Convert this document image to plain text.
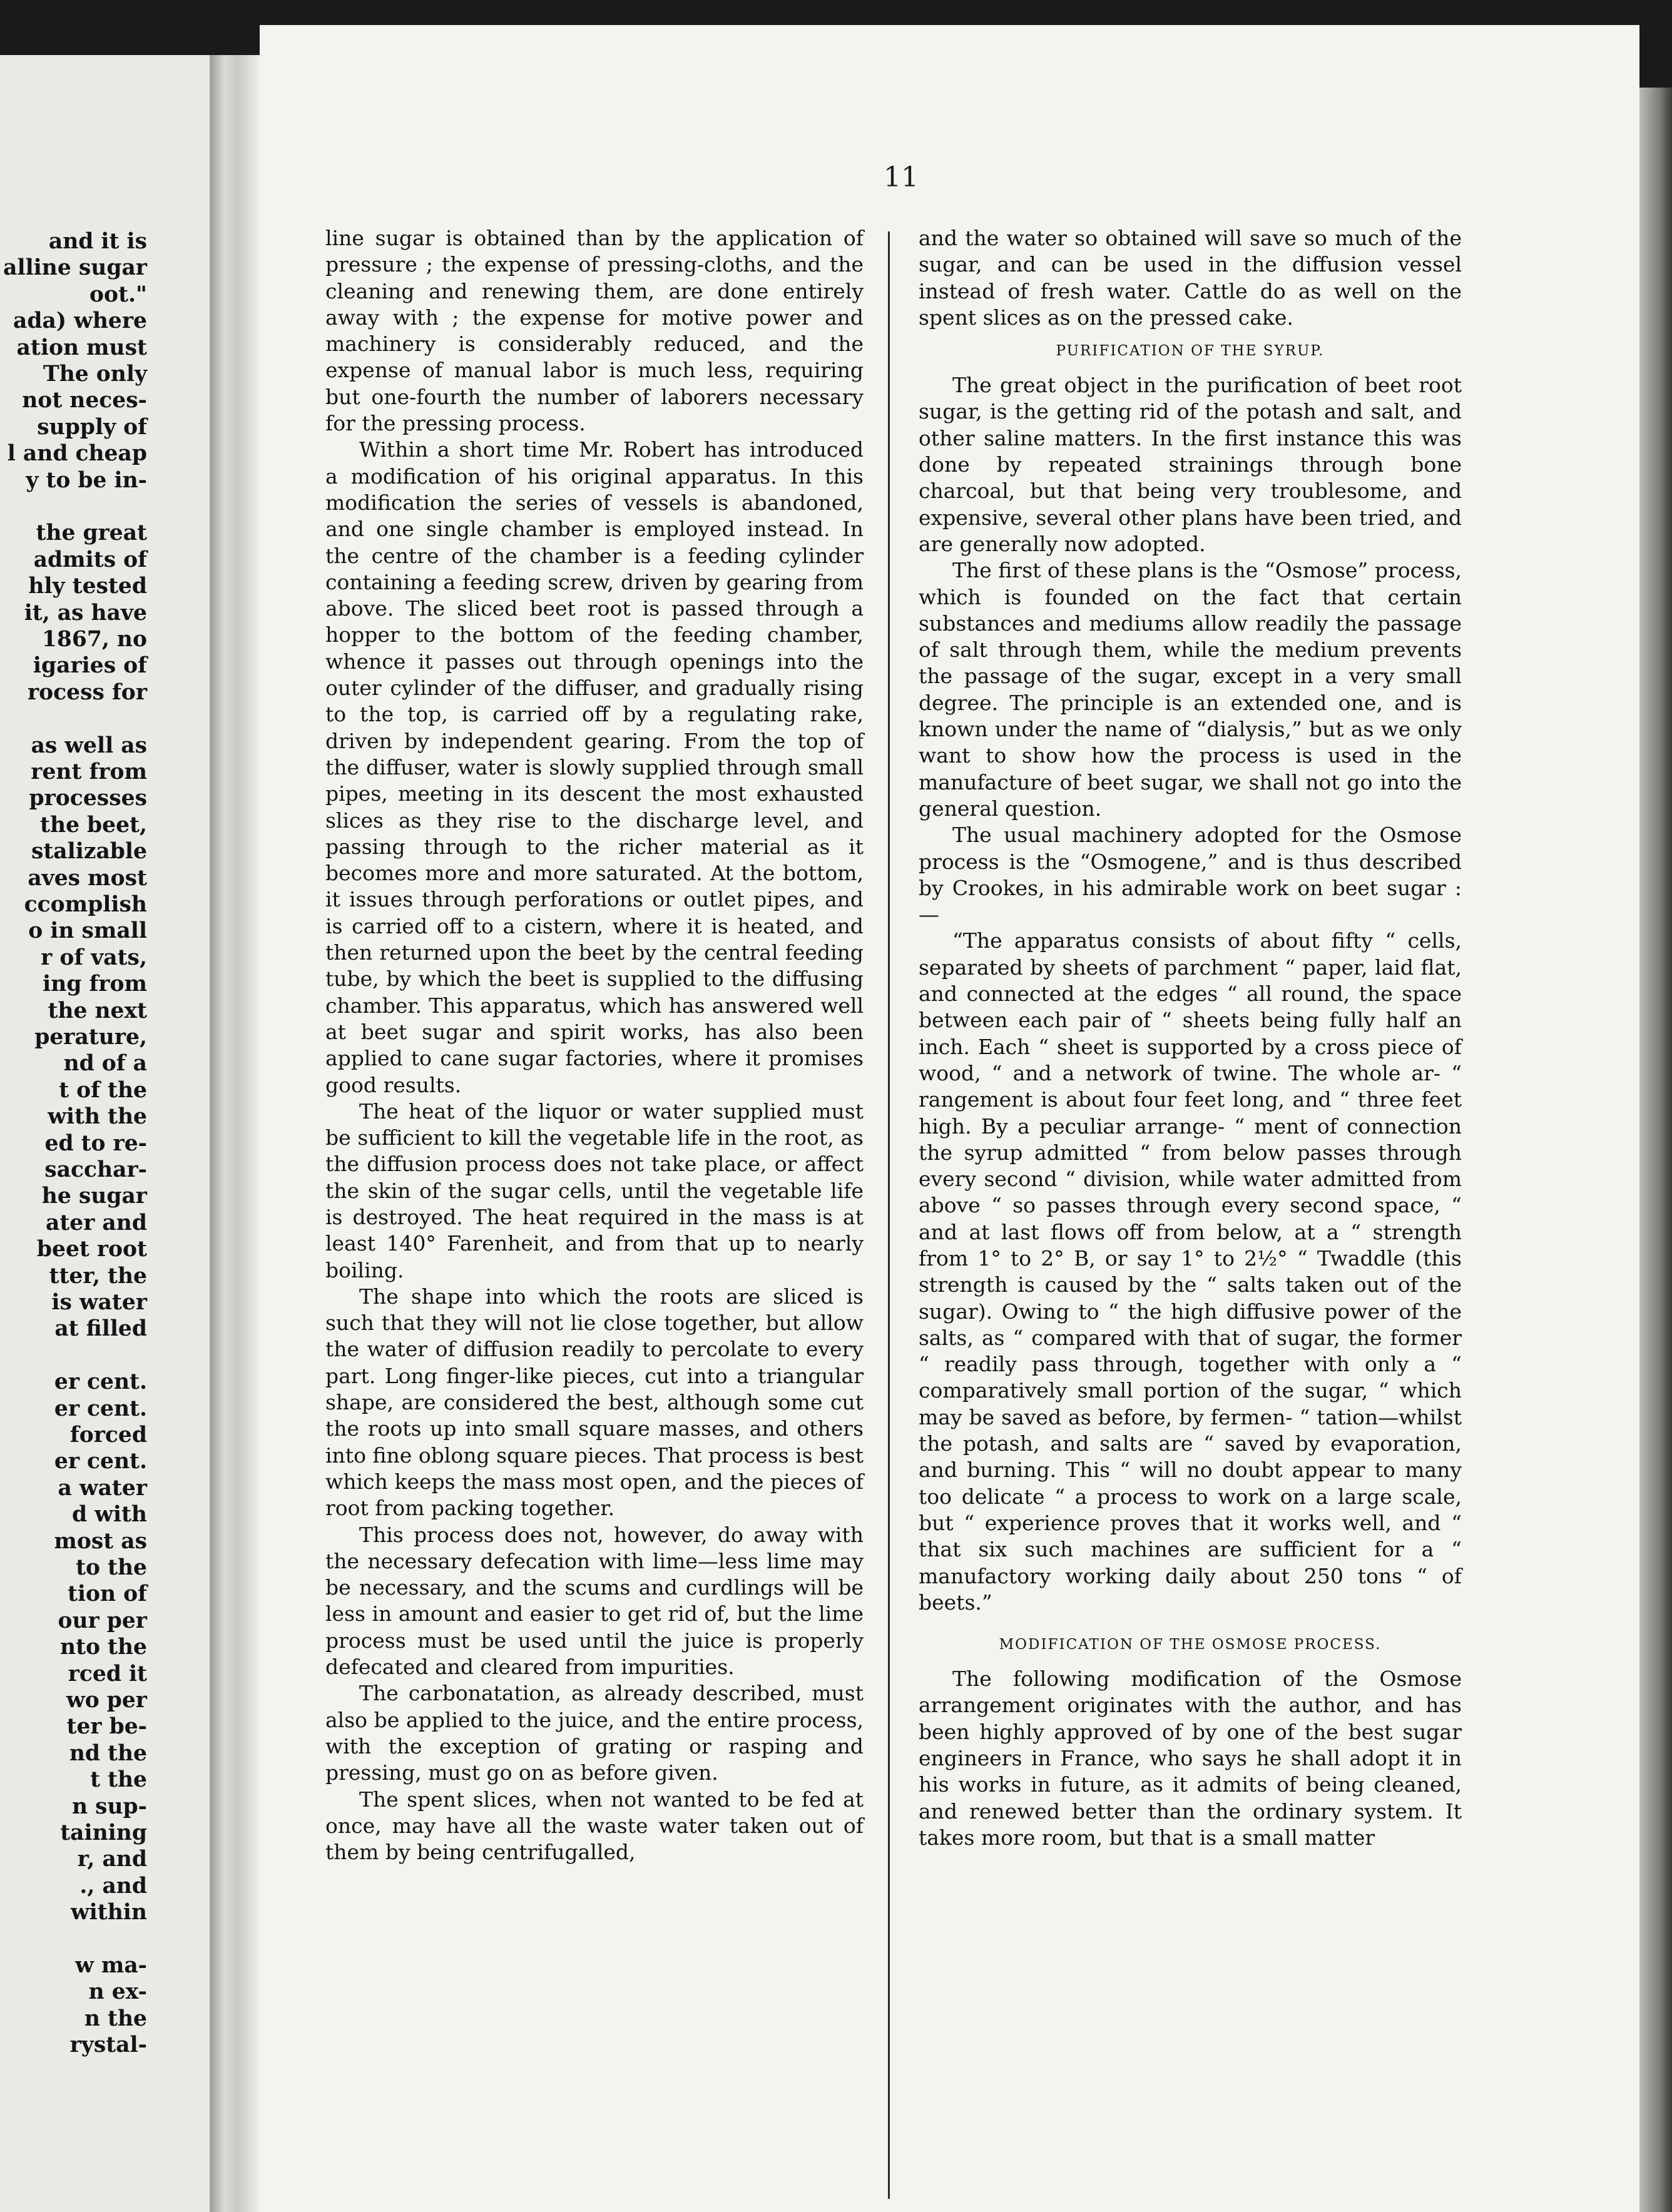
and it is
alline sugar
oot."
ada) where
ation must
The only
not neces-
supply of
l and cheap
y to be in-
the great
admits of
hly tested
it, as have
1867, no
igaries of
rocess for
as well as
rent from
processes
the beet,
stalizable
aves most
ccomplish
o in small
r of vats,
ing from
the next
perature,
nd of a
t of the
with the
ed to re-
sacchar-
he sugar
ater and
beet root
tter, the
is water
at filled
er cent.
er cent.
forced
er cent.
a water
d with
most as
to the
tion of
our per
nto the
rced it
wo per
ter be-
nd the
t the
n sup-
taining
r, and
., and
within
w ma-
n ex-
n the
rystal-
11

line sugar is obtained than by the application of pressure ; the expense of pressing-cloths, and the cleaning and renewing them, are done entirely away with ; the expense for motive power and machinery is considerably reduced, and the expense of manual labor is much less, requiring but one-fourth the number of laborers necessary for the pressing process.

Within a short time Mr. Robert has introduced a modification of his original apparatus. In this modification the series of vessels is abandoned, and one single chamber is employed instead. In the centre of the chamber is a feeding cylinder containing a feeding screw, driven by gearing from above. The sliced beet root is passed through a hopper to the bottom of the feeding chamber, whence it passes out through openings into the outer cylinder of the diffuser, and gradually rising to the top, is carried off by a regulating rake, driven by independent gearing. From the top of the diffuser, water is slowly supplied through small pipes, meeting in its descent the most exhausted slices as they rise to the discharge level, and passing through to the richer material as it becomes more and more saturated. At the bottom, it issues through perforations or outlet pipes, and is carried off to a cistern, where it is heated, and then returned upon the beet by the central feeding tube, by which the beet is supplied to the diffusing chamber. This apparatus, which has answered well at beet sugar and spirit works, has also been applied to cane sugar factories, where it promises good results.

The heat of the liquor or water supplied must be sufficient to kill the vegetable life in the root, as the diffusion process does not take place, or affect the skin of the sugar cells, until the vegetable life is destroyed. The heat required in the mass is at least 140° Farenheit, and from that up to nearly boiling.

The shape into which the roots are sliced is such that they will not lie close together, but allow the water of diffusion readily to percolate to every part. Long finger-like pieces, cut into a triangular shape, are considered the best, although some cut the roots up into small square masses, and others into fine oblong square pieces. That process is best which keeps the mass most open, and the pieces of root from packing together.

This process does not, however, do away with the necessary defecation with lime—less lime may be necessary, and the scums and curdlings will be less in amount and easier to get rid of, but the lime process must be used until the juice is properly defecated and cleared from impurities.

The carbonatation, as already described, must also be applied to the juice, and the entire process, with the exception of grating or rasping and pressing, must go on as before given.

The spent slices, when not wanted to be fed at once, may have all the waste water taken out of them by being centrifugalled,

and the water so obtained will save so much of the sugar, and can be used in the diffusion vessel instead of fresh water. Cattle do as well on the spent slices as on the pressed cake.

PURIFICATION OF THE SYRUP.

The great object in the purification of beet root sugar, is the getting rid of the potash and salt, and other saline matters. In the first instance this was done by repeated strainings through bone charcoal, but that being very troublesome, and expensive, several other plans have been tried, and are generally now adopted.

The first of these plans is the “Osmose” process, which is founded on the fact that certain substances and mediums allow readily the passage of salt through them, while the medium prevents the passage of the sugar, except in a very small degree. The principle is an extended one, and is known under the name of “dialysis,” but as we only want to show how the process is used in the manufacture of beet sugar, we shall not go into the general question.

The usual machinery adopted for the Osmose process is the “Osmogene,” and is thus described by Crookes, in his admirable work on beet sugar :—

“The apparatus consists of about fifty “ cells, separated by sheets of parchment “ paper, laid flat, and connected at the edges “ all round, the space between each pair of “ sheets being fully half an inch. Each “ sheet is supported by a cross piece of wood, “ and a network of twine. The whole ar- “ rangement is about four feet long, and “ three feet high. By a peculiar arrange- “ ment of connection the syrup admitted “ from below passes through every second “ division, while water admitted from above “ so passes through every second space, “ and at last flows off from below, at a “ strength from 1° to 2° B, or say 1° to 2½° “ Twaddle (this strength is caused by the “ salts taken out of the sugar). Owing to “ the high diffusive power of the salts, as “ compared with that of sugar, the former “ readily pass through, together with only a “ comparatively small portion of the sugar, “ which may be saved as before, by fermen- “ tation—whilst the potash, and salts are “ saved by evaporation, and burning. This “ will no doubt appear to many too delicate “ a process to work on a large scale, but “ experience proves that it works well, and “ that six such machines are sufficient for a “ manufactory working daily about 250 tons “ of beets.”

MODIFICATION OF THE OSMOSE PROCESS.

The following modification of the Osmose arrangement originates with the author, and has been highly approved of by one of the best sugar engineers in France, who says he shall adopt it in his works in future, as it admits of being cleaned, and renewed better than the ordinary system. It takes more room, but that is a small matter
